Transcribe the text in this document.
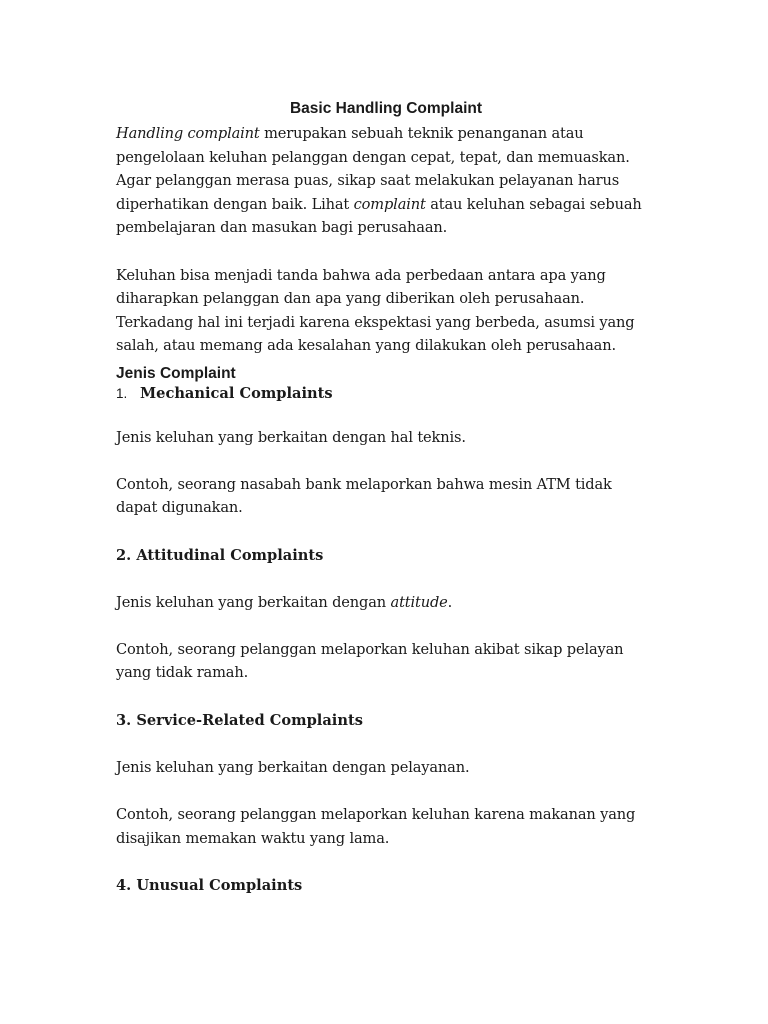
Basic Handling Complaint

Handling complaint merupakan sebuah teknik penanganan atau pengelolaan keluhan pelanggan dengan cepat, tepat, dan memuaskan. Agar pelanggan merasa puas, sikap saat melakukan pelayanan harus diperhatikan dengan baik. Lihat complaint atau keluhan sebagai sebuah pembelajaran dan masukan bagi perusahaan.

Keluhan bisa menjadi tanda bahwa ada perbedaan antara apa yang diharapkan pelanggan dan apa yang diberikan oleh perusahaan. Terkadang hal ini terjadi karena ekspektasi yang berbeda, asumsi yang salah, atau memang ada kesalahan yang dilakukan oleh perusahaan.

Jenis Complaint

1. Mechanical Complaints

Jenis keluhan yang berkaitan dengan hal teknis.

Contoh, seorang nasabah bank melaporkan bahwa mesin ATM tidak dapat digunakan.

2. Attitudinal Complaints

Jenis keluhan yang berkaitan dengan attitude.

Contoh, seorang pelanggan melaporkan keluhan akibat sikap pelayan yang tidak ramah.

3. Service-Related Complaints

Jenis keluhan yang berkaitan dengan pelayanan.

Contoh, seorang pelanggan melaporkan keluhan karena makanan yang disajikan memakan waktu yang lama.

4. Unusual Complaints
